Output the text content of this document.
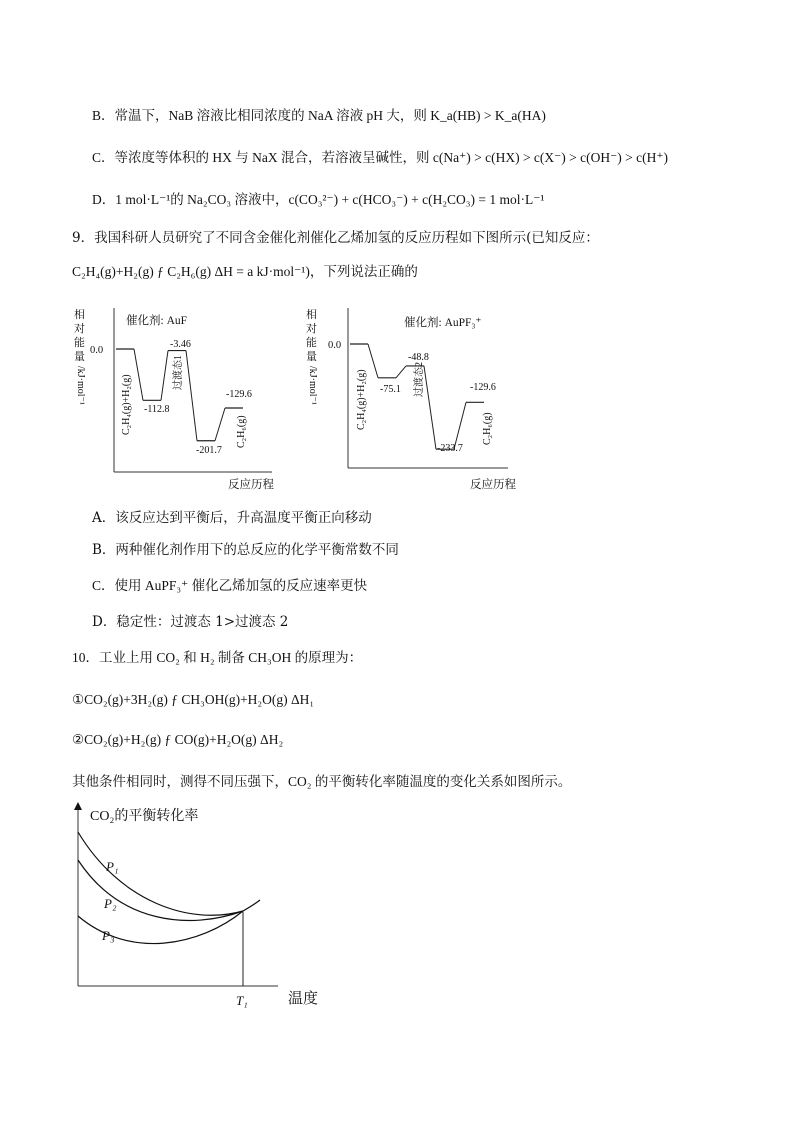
B．常温下，NaB 溶液比相同浓度的 NaA 溶液 pH 大，则 K_a(HB) > K_a(HA)
C．等浓度等体积的 HX 与 NaX 混合，若溶液呈碱性，则 c(Na⁺) > c(HX) > c(X⁻) > c(OH⁻) > c(H⁺)
D．1 mol·L⁻¹的 Na₂CO₃ 溶液中，c(CO₃²⁻) + c(HCO₃⁻) + c(H₂CO₃) = 1 mol·L⁻¹
9．我国科研人员研究了不同含金催化剂催化乙烯加氢的反应历程如下图所示(已知反应：
C₂H₄(g)+H₂(g) ƒ C₂H₆(g) ΔH = a kJ·mol⁻¹)，下列说法正确的
相
对
能
量
/kJ·mol⁻¹
催化剂: AuF
0.0
-112.8
-3.46
-201.7
-129.6
C₂H₄(g)+H₂(g)
过渡态1
C₂H₆(g)
反应历程
相
对
能
量
/kJ·mol⁻¹
催化剂: AuPF₃⁺
0.0
-75.1
-48.8
-233.7
-129.6
C₂H₄(g)+H₂(g)	过渡态2
C₂H₆(g)
反应历程
A．该反应达到平衡后，升高温度平衡正向移动
B．两种催化剂作用下的总反应的化学平衡常数不同
C．使用 AuPF₃⁺ 催化乙烯加氢的反应速率更快
D．稳定性：过渡态 1>过渡态 2
10．工业上用 CO₂ 和 H₂ 制备 CH₃OH 的原理为：
①CO₂(g)+3H₂(g) ƒ CH₃OH(g)+H₂O(g) ΔH₁
②CO₂(g)+H₂(g) ƒ CO(g)+H₂O(g) ΔH₂
其他条件相同时，测得不同压强下，CO₂ 的平衡转化率随温度的变化关系如图所示。
CO₂的平衡转化率
温度
T₁
P₁
P₂
P₃
